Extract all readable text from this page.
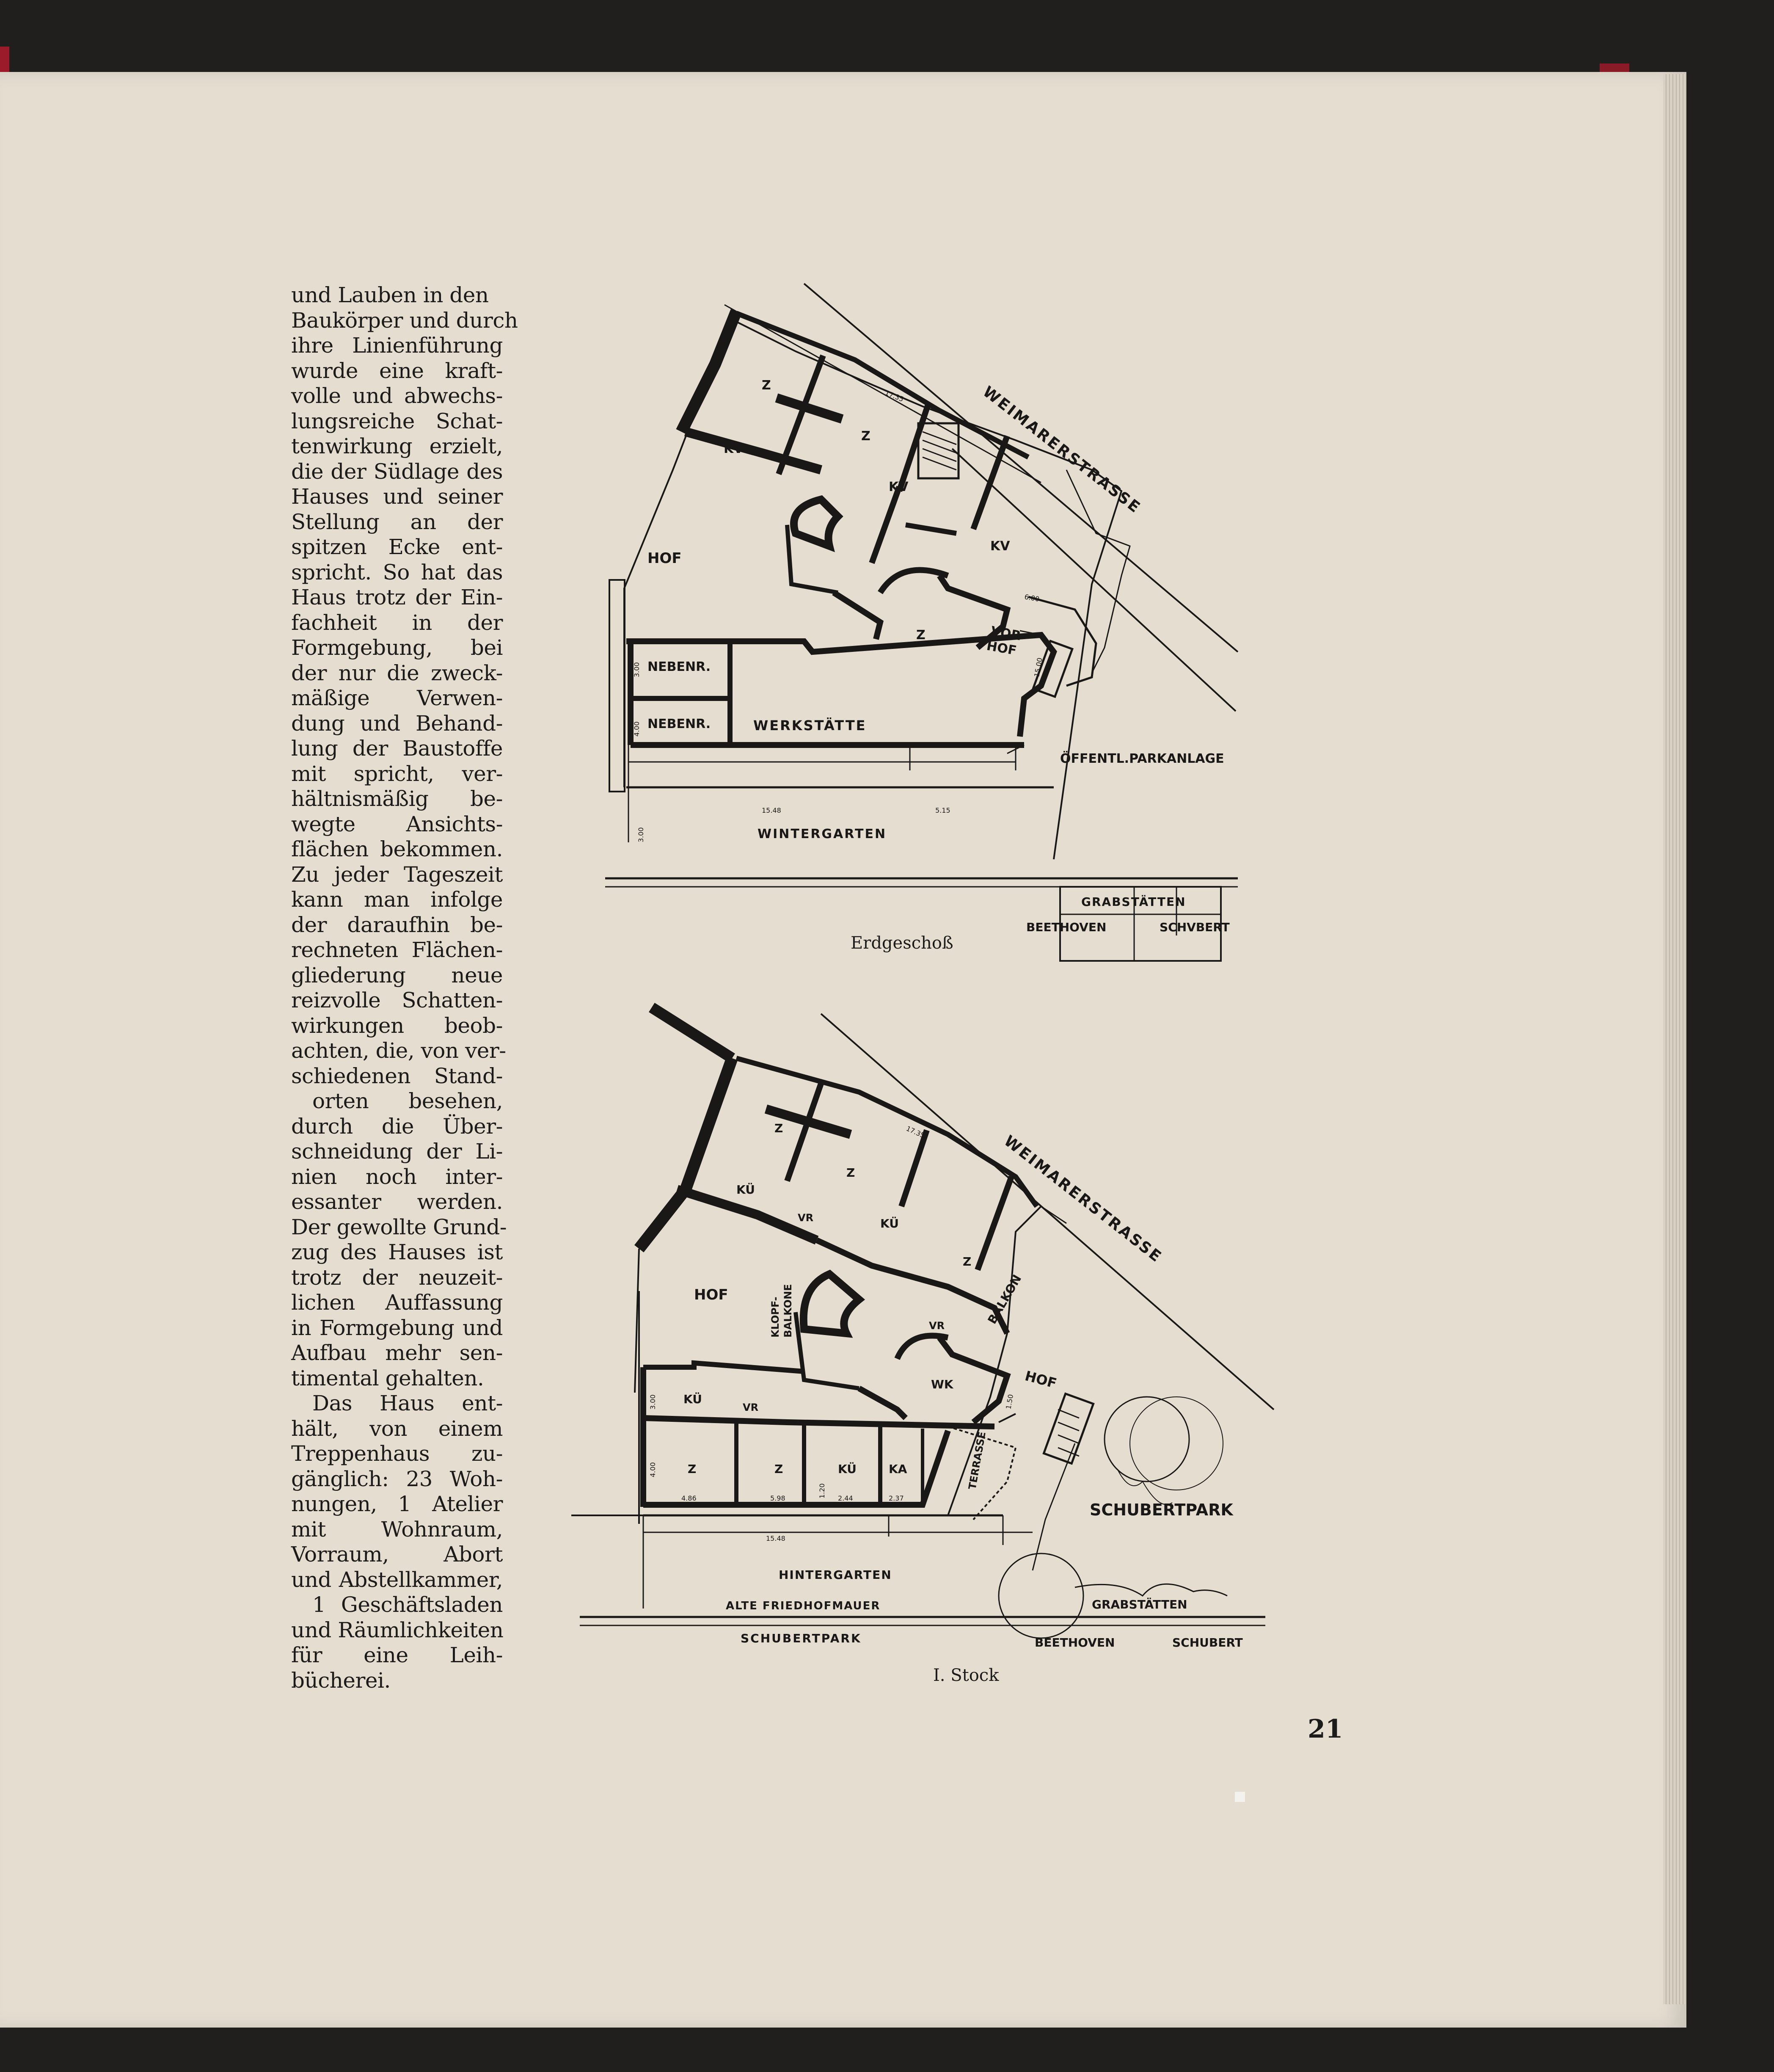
und Lauben in den
Baukörper und durch
ihre Linienführung
wurde eine kraft-
volle und abwechs-
lungsreiche Schat-
tenwirkung erzielt,
die der Südlage des
Hauses und seiner
Stellung an der
spitzen Ecke ent-
spricht. So hat das
Haus trotz der Ein-
fachheit in der
Formgebung, bei
der nur die zweck-
mäßige Verwen-
dung und Behand-
lung der Baustoffe
mit spricht, ver-
hältnismäßig be-
wegte Ansichts-
flächen bekommen.
Zu jeder Tageszeit
kann man infolge
der daraufhin be-
rechneten Flächen-
gliederung neue
reizvolle Schatten-
wirkungen beob-
achten, die, von ver-
schiedenen Stand-
orten besehen,
durch die Über-
schneidung der Li-
nien noch inter-
essanter werden.
Der gewollte Grund-
zug des Hauses ist
trotz der neuzeit-
lichen Auffassung
in Formgebung und
Aufbau mehr sen-
timental gehalten.
Das Haus ent-
hält, von einem
Treppenhaus zu-
gänglich: 23 Woh-
nungen, 1 Atelier
mit Wohnraum,
Vorraum, Abort
und Abstellkammer,
1 Geschäftsladen
und Räumlichkeiten
für eine Leih-
bücherei.
WEIMARERSTRASSE
Z
Z
Z
KV
KV
KV
HOF
VOR-
HOF
NEBENR.
NEBENR.	WERKSTÄTTE
WINTERGARTEN
ÖFFENTL.PARKANLAGE
GRABSTÄTTEN
BEETHOVEN	SCHVBERT
17.35
6.00
15.48	5.15
3.00
3.00
4.00
15.00
Erdgeschoß
WEIMARERSTRASSE
Z
Z
Z
KÜ
KÜ
VR
VR
HOF
KLOPF- BALKONE	BALKON
WK	HOF
KÜ
VR
Z	Z	KÜ	KA	TERRASSE
HINTERGARTEN
ALTE FRIEDHOFMAUER
SCHUBERTPARK
SCHUBERTPARK
GRABSTÄTTEN
BEETHOVEN	SCHUBERT
17.35
15.48
4.86	5.98	2.44	2.37
3.00
4.00
1.20
1.50
I. Stock
21
